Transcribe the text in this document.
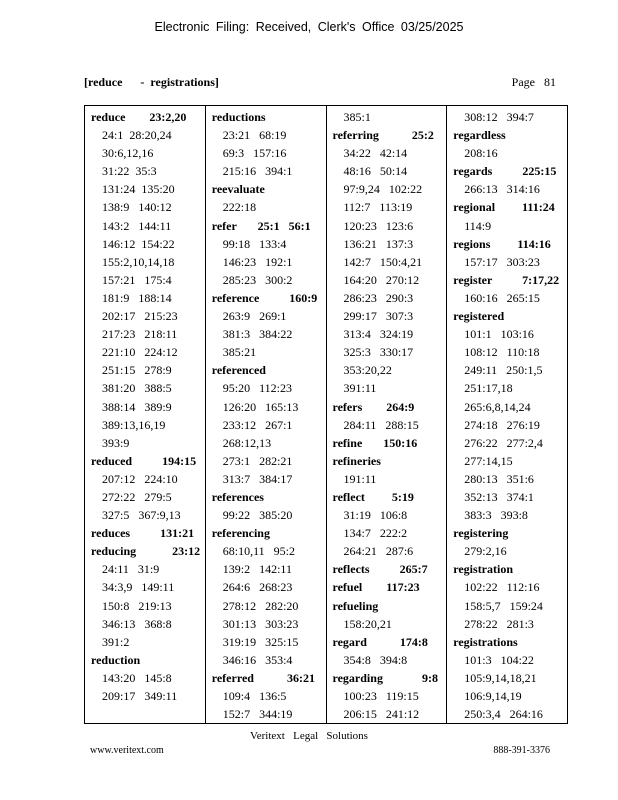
Electronic Filing: Received, Clerk's Office 03/25/2025
[reduce      -  registrations]	Page   81
reduce        23:2,20
24:1  28:20,24
30:6,12,16
31:22  35:3
131:24  135:20
138:9   140:12
143:2   144:11
146:12  154:22
155:2,10,14,18
157:21   175:4
181:9   188:14
202:17   215:23
217:23   218:11
221:10   224:12
251:15   278:9
381:20   388:5
388:14   389:9
389:13,16,19
393:9
reduced          194:15
207:12   224:10
272:22   279:5
327:5   367:9,13
reduces          131:21
reducing            23:12
24:11   31:9
34:3,9   149:11
150:8   219:13
346:13   368:8
391:2
reduction
143:20   145:8
209:17   349:11
reductions
23:21   68:19
69:3   157:16
215:16   394:1
reevaluate
222:18
refer       25:1   56:1
99:18   133:4
146:23   192:1
285:23   300:2
reference          160:9
263:9   269:1
381:3   384:22
385:21
referenced
95:20   112:23
126:20   165:13
233:12   267:1
268:12,13
273:1   282:21
313:7   384:17
references
99:22   385:20
referencing
68:10,11   95:2
139:2   142:11
264:6   268:23
278:12   282:20
301:13   303:23
319:19   325:15
346:16   353:4
referred           36:21
109:4   136:5
152:7   344:19
385:1
referring           25:2
34:22   42:14
48:16   50:14
97:9,24   102:22
112:7   113:19
120:23   123:6
136:21   137:3
142:7   150:4,21
164:20   270:12
286:23   290:3
299:17   307:3
313:4   324:19
325:3   330:17
353:20,22
391:11
refers        264:9
284:11   288:15
refine       150:16
refineries
191:11
reflect         5:19
31:19   106:8
134:7   222:2
264:21   287:6
reflects          265:7
refuel        117:23
refueling
158:20,21
regard           174:8
354:8   394:8
regarding             9:8
100:23   119:15
206:15   241:12
308:12   394:7
regardless
208:16
regards          225:15
266:13   314:16
regional         111:24
114:9
regions         114:16
157:17   303:23
register          7:17,22
160:16   265:15
registered
101:1   103:16
108:12   110:18
249:11   250:1,5
251:17,18
265:6,8,14,24
274:18   276:19
276:22   277:2,4
277:14,15
280:13   351:6
352:13   374:1
383:3   393:8
registering
279:2,16
registration
102:22   112:16
158:5,7   159:24
278:22   281:3
registrations
101:3   104:22
105:9,14,18,21
106:9,14,19
250:3,4   264:16
Veritext   Legal   Solutions
www.veritext.com	888-391-3376
